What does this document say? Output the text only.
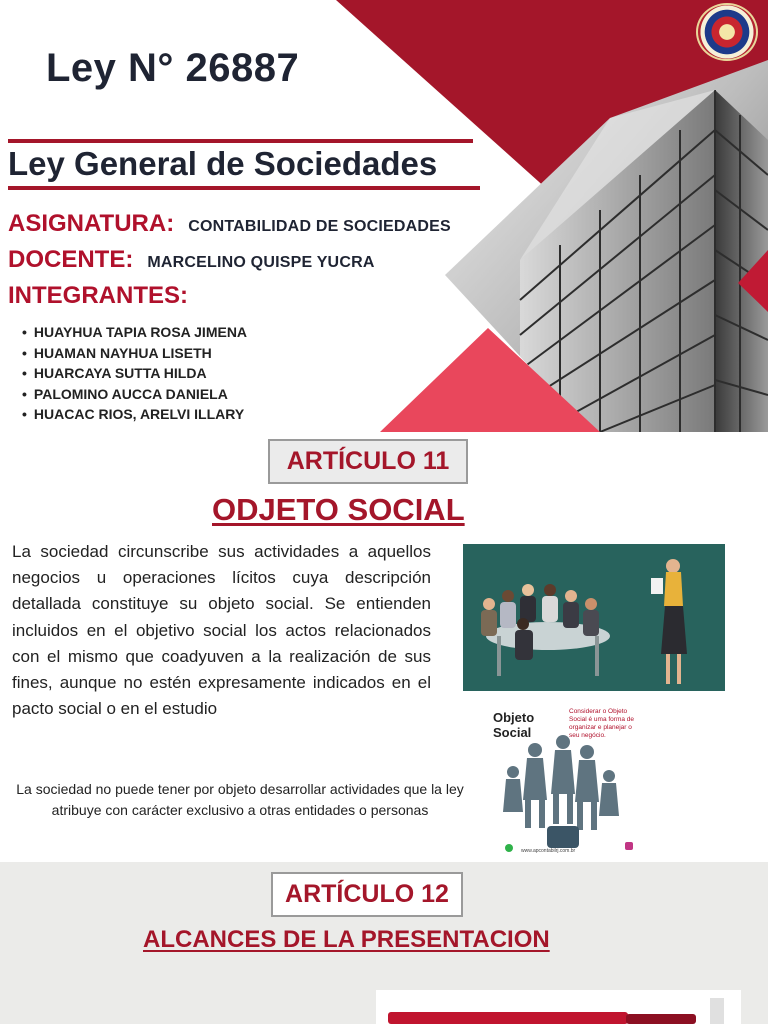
Ley N° 26887
Ley General de Sociedades
ASIGNATURA: CONTABILIDAD DE SOCIEDADES
DOCENTE: MARCELINO QUISPE YUCRA
INTEGRANTES:
• HUAYHUA TAPIA ROSA JIMENA
• HUAMAN NAYHUA LISETH
• HUARCAYA SUTTA HILDA
• PALOMINO AUCCA DANIELA
• HUACAC RIOS, ARELVI ILLARY
ARTÍCULO 11
ODJETO SOCIAL

La sociedad circunscribe sus actividades a aquellos negocios u operaciones lícitos cuya descripción detallada constituye su objeto social. Se entienden incluidos en el objetivo social los actos relacionados con el mismo que coadyuven a la realización de sus fines, aunque no estén expresamente indicados en el pacto social o en el estudio

La sociedad no puede tener por objeto desarrollar actividades que la ley atribuye con carácter exclusivo a otras entidades o personas

Objeto Social
Considerar o Objeto Social é uma forma de organizar e planejar o seu negócio.
www.apcontabilrj.com.br
ARTÍCULO 12
ALCANCES DE LA PRESENTACION
